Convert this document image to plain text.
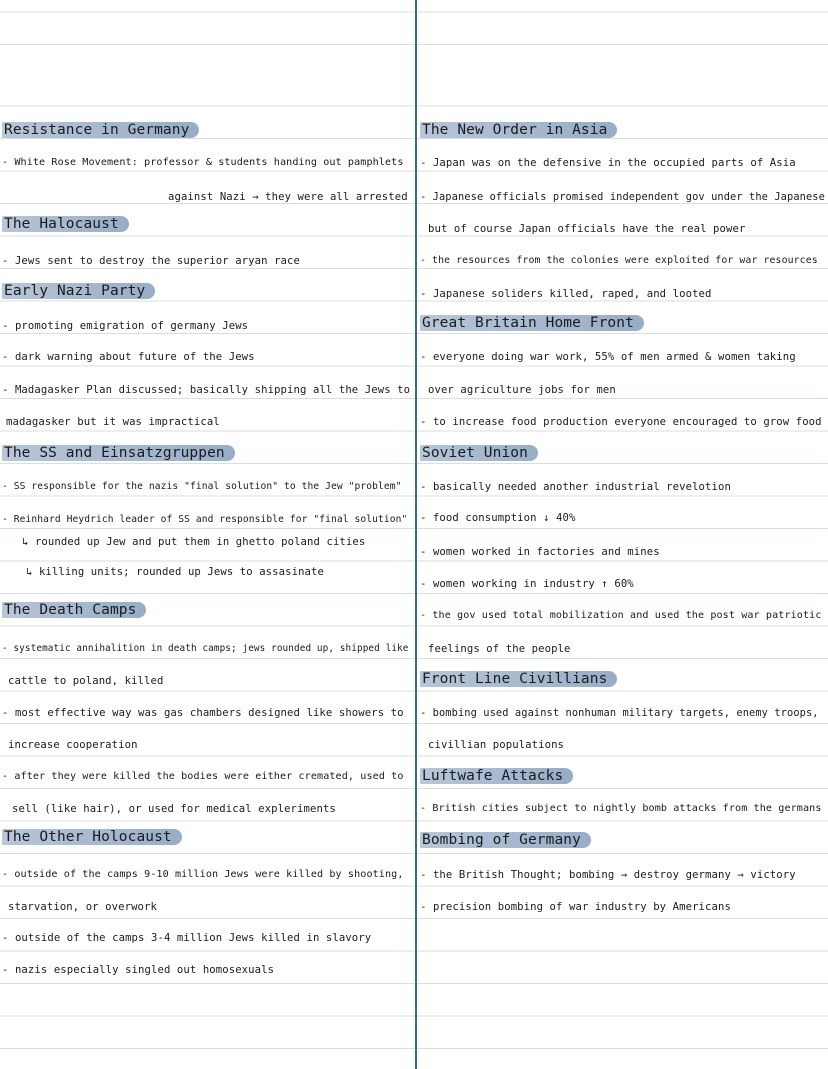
Resistance in Germany
- White Rose Movement: professor & students handing out pamphlets
against Nazi → they were all arrested
The Halocaust
- Jews sent to destroy the superior aryan race
Early Nazi Party
- promoting emigration of germany Jews
- dark warning about future of the Jews
- Madagasker Plan discussed; basically shipping all the Jews to
madagasker but it was impractical
The SS and Einsatzgruppen
- SS responsible for the nazis "final solution" to the Jew "problem"
- Reinhard Heydrich leader of SS and responsible for "final solution"
↳ rounded up Jew and put them in ghetto poland cities
↳ killing units; rounded up Jews to assasinate
The Death Camps
- systematic annihalition in death camps; jews rounded up, shipped like
cattle to poland, killed
- most effective way was gas chambers designed like showers to
increase cooperation
- after they were killed the bodies were either cremated, used to
sell (like hair), or used for medical expleriments
The Other Holocaust
- outside of the camps 9-10 million Jews were killed by shooting,
starvation, or overwork
- outside of the camps 3-4 million Jews killed in slavory
- nazis especially singled out homosexuals
The New Order in Asia
- Japan was on the defensive in the occupied parts of Asia
- Japanese officials promised independent gov under the Japanese
but of course Japan officials have the real power
- the resources from the colonies were exploited for war resources
- Japanese soliders killed, raped, and looted
Great Britain Home Front
- everyone doing war work, 55% of men armed & women taking
over agriculture jobs for men
- to increase food production everyone encouraged to grow food
Soviet Union
- basically needed another industrial revelotion
- food consumption ↓ 40%
- women worked in factories and mines
- women working in industry ↑ 60%
- the gov used total mobilization and used the post war patriotic
feelings of the people
Front Line Civillians
- bombing used against nonhuman military targets, enemy troops,
civillian populations
Luftwafe Attacks
- British cities subject to nightly bomb attacks from the germans
Bombing of Germany
- the British Thought; bombing → destroy germany → victory
- precision bombing of war industry by Americans
